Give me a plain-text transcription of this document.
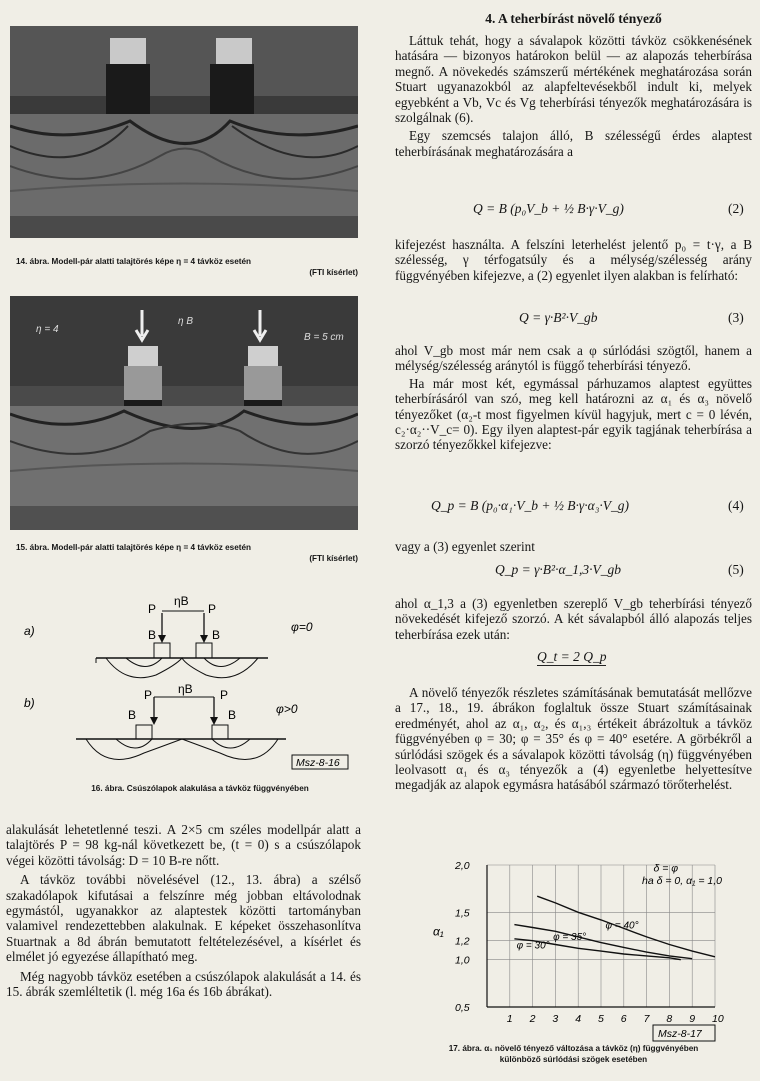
14. ábra. Modell-pár alatti talajtörés képe η = 4 távköz esetén
(FTI kísérlet)
η = 4
η B
B = 5 cm
15. ábra. Modell-pár alatti talajtörés képe η = 4 távköz esetén
(FTI kísérlet)
a)
P	P
ηB
B	B
φ=0
b)
P	P
ηB
B	B	φ>0
Msz-8-16
16. ábra. Csúszólapok alakulása a távköz függvényében

alakulását lehetetlenné teszi. A 2×5 cm széles modellpár alatt a talajtörés P = 98 kg-nál következett be, (t = 0) s a csúszólapok végei közötti távolság: D = 10 B-re nőtt.

A távköz további növelésével (12., 13. ábra) a szélső szakadólapok kifutásai a felszínre még jobban eltávolodnak egymástól, ugyanakkor az alaptestek közötti tartományban valamivel rendezettebben alakulnak. E képeket összehasonlítva Stuartnak a 8d ábrán bemutatott feltételezésével, a kísérlet és elmélet jó egyezése állapítható meg.

Még nagyobb távköz esetében a csúszólapok alakulását a 14. és 15. ábrák szemléltetik (l. még 16a és 16b ábrákat).

4. A teherbírást növelő tényező

Láttuk tehát, hogy a sávalapok közötti távköz csökkenésének hatására — bizonyos határokon belül — az alapozás teherbírása megnő. A növekedés számszerű mértékének meghatározása során Stuart ugyanazokból az alapfeltevésekből indult ki, melyek egyebként a Vb, Vc és Vg teherbírási tényezők meghatározására is szolgálnak (6).

Egy szemcsés talajon álló, B szélességű érdes alaptest teherbírásának meghatározására a

Q = B (p₀V_b + ½ B·γ·V_g)	(2)

kifejezést használta. A felszíni leterhelést jelentő p₀ = t·γ, a B szélesség, γ térfogatsúly és a mélység/szélesség arány függvényében kifejezve, a (2) egyenlet ilyen alakban is felírható:

Q = γ·B²·V_gb	(3)

ahol V_gb most már nem csak a φ súrlódási szögtől, hanem a mélység/szélesség aránytól is függő teherbírási tényező.

Ha már most két, egymással párhuzamos alaptest együttes teherbírásáról van szó, meg kell határozni az α₁ és α₃ növelő tényezőket (α₂-t most figyelmen kívül hagyjuk, mert c = 0 lévén, c₂·α₂··V_c= 0). Egy ilyen alaptest-pár egyik tagjának teherbírása a szorzó tényezőkkel kifejezve:

Q_p = B (p₀·α₁·V_b + ½ B·γ·α₃·V_g)	(4)

vagy a (3) egyenlet szerint

Q_p = γ·B²·α_1,3·V_gb	(5)

ahol α_1,3 a (3) egyenletben szereplő V_gb teherbírási tényező növekedését kifejező szorzó. A két sávalapból álló alapozás teljes teherbírása ezek után:

Q_t = 2 Q_p

A növelő tényezők részletes számításának bemutatását mellőzve a 17., 18., 19. ábrákon foglaltuk össze Stuart számításainak eredményét, ahol az α₁, α₂, és α₁,₃ értékeit ábrázoltuk a távköz függvényében φ = 30; φ = 35° és φ = 40° esetére. A görbékről a súrlódási szögek és a sávalapok közötti távolság (η) függvényében leolvasott α₁ és α₃ tényezők a (4) egyenletbe helyettesítve megadják az alapok egymásra hatásából származó törőterhelést.

1 2 3 4 5 6 7 8 9 10
2,0
1,5
1,2
1,0
0,5
α₁
φ = 30°
φ = 35°
φ = 40°
δ = φ
ha δ = 0, α₁ = 1,0
Msz-8-17
17. ábra. α₁ növelő tényező változása a távköz (η) függvényében
különböző súrlódási szögek esetében
